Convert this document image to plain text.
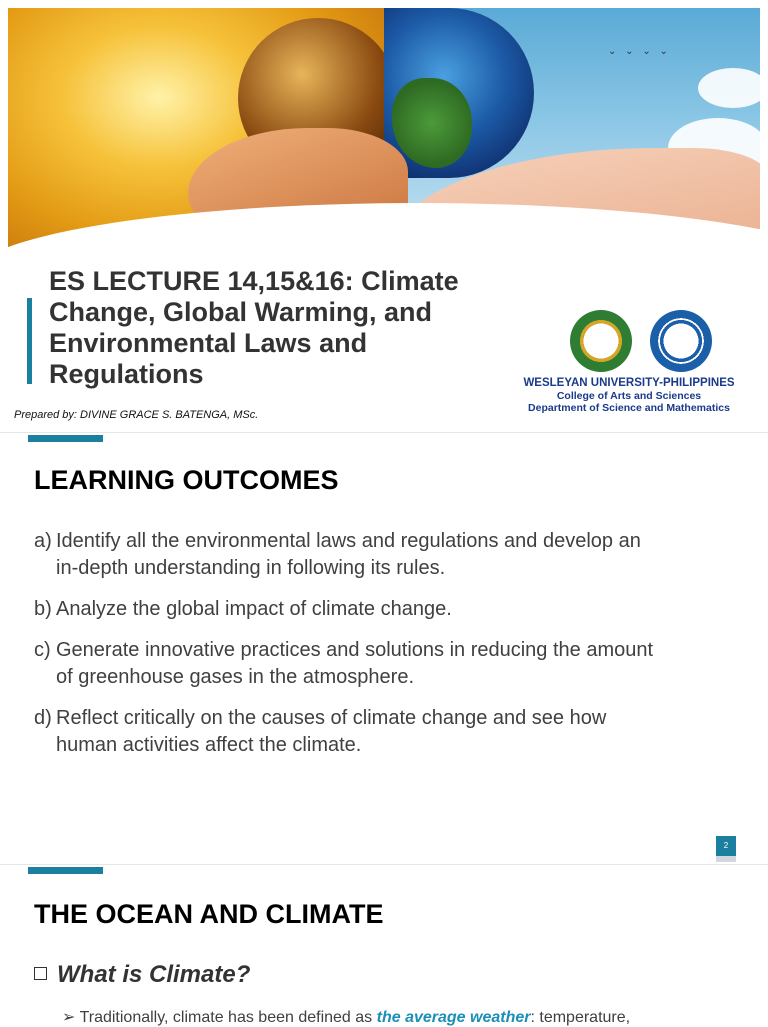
⌄ ⌄ ⌄ ⌄
ES LECTURE 14,15&16: Climate Change, Global Warming, and Environmental Laws and Regulations	WESLEYAN UNIVERSITY-PHILIPPINES
College of Arts and Sciences
Department of Science and Mathematics
Prepared by: DIVINE GRACE S. BATENGA, MSc.
LEARNING OUTCOMES
a) Identify all the environmental laws and regulations and develop an in-depth understanding in following its rules.
b) Analyze the global impact of climate change.
c) Generate innovative practices and solutions in reducing the amount of greenhouse gases in the atmosphere.
d) Reflect critically on the causes of climate change and see how human activities affect the climate.
2
THE OCEAN AND CLIMATE
What is Climate?
➢ Traditionally, climate has been defined as the average weather: temperature,
